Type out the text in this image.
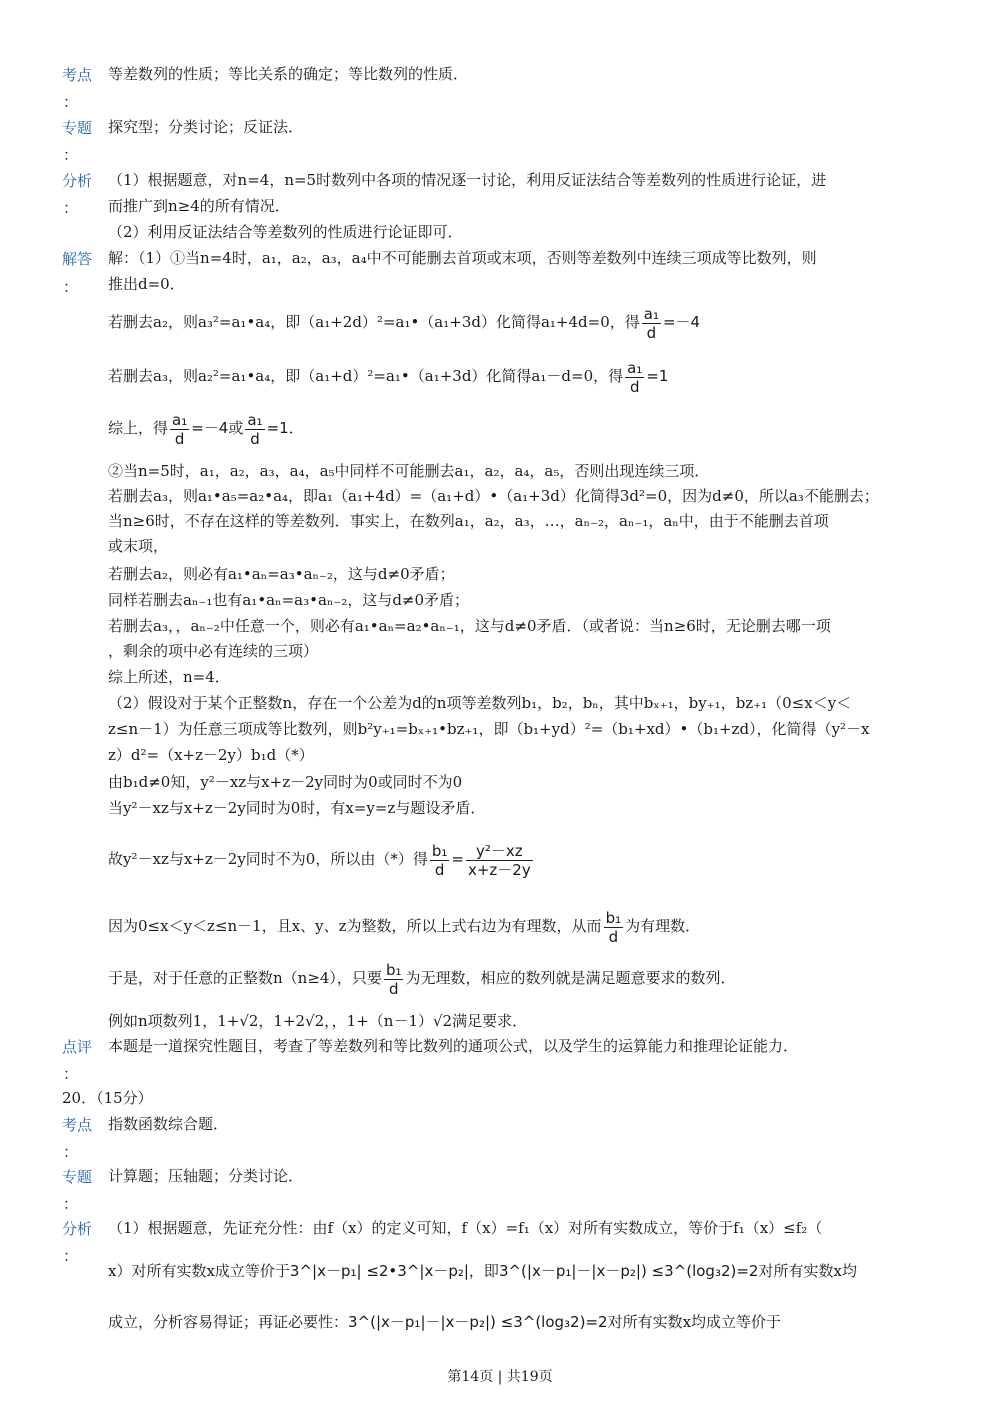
考点 等差数列的性质；等比关系的确定；等比数列的性质．
：
专题 探究型；分类讨论；反证法．
：
分析 （1）根据题意，对n=4，n=5时数列中各项的情况逐一讨论，利用反证法结合等差数列的性质进行论证，进
： 而推广到n≥4的所有情况．
（2）利用反证法结合等差数列的性质进行论证即可．
解答 解：（1）①当n=4时，a₁，a₂，a₃，a₄中不可能删去首项或末项，否则等差数列中连续三项成等比数列，则
： 推出d=0．
若删去a₂，则a₃²=a₁•a₄，即（a₁+2d）²=a₁•（a₁+3d）化简得a₁+4d=0，得 $\frac{\text{a₁}}{d} =-4$
若删去a₃，则a₂²=a₁•a₄，即（a₁+d）²=a₁•（a₁+3d）化简得a₁－d=0，得 $\frac{\text{a₁}}{d} =1$
综上，得 $\frac{\text{a₁}}{d} =-4$或 $\frac{\text{a₁}}{d} =1$．
②当n=5时，a₁，a₂，a₃，a₄，a₅中同样不可能删去a₁，a₂，a₄，a₅，否则出现连续三项．
若删去a₃，则a₁•a₅=a₂•a₄，即a₁（a₁+4d）=（a₁+d）•（a₁+3d）化简得3d²=0，因为d≠0，所以a₃不能删去；
当n≥6时，不存在这样的等差数列．事实上，在数列a₁，a₂，a₃，…，aₙ₋₂，aₙ₋₁，aₙ中，由于不能删去首项
或末项，
若删去a₂，则必有a₁•aₙ=a₃•aₙ₋₂，这与d≠0矛盾；
同样若删去aₙ₋₁也有a₁•aₙ=a₃•aₙ₋₂，这与d≠0矛盾；
若删去a₃，，aₙ₋₂中任意一个，则必有a₁•aₙ=a₂•aₙ₋₁，这与d≠0矛盾．（或者说：当n≥6时，无论删去哪一项
，剩余的项中必有连续的三项）
综上所述，n=4．
（2）假设对于某个正整数n，存在一个公差为d的n项等差数列b₁，b₂，bₙ，其中bₓ₊₁，by₊₁，bz₊₁（0≤x＜y＜
z≤n－1）为任意三项成等比数列，则b²y₊₁=bₓ₊₁•bz₊₁，即（b₁+yd）²=（b₁+xd）•（b₁+zd），化简得（y²－x
z）d²=（x+z－2y）b₁d（*）
由b₁d≠0知，y²－xz与x+z－2y同时为0或同时不为0
当y²－xz与x+z－2y同时为0时，有x=y=z与题设矛盾．
故y²－xz与x+z－2y同时不为0，所以由（*）得 $\frac{\text{b₁}}{d} = \frac{\text{y²－xz}}{x+z-2y}$
因为0≤x＜y＜z≤n－1，且x、y、z为整数，所以上式右边为有理数，从而 $\frac{\text{b₁}}{d}$ 为有理数．
于是，对于任意的正整数n（n≥4），只要 $\frac{\text{b₁}}{d}$ 为无理数，相应的数列就是满足题意要求的数列．
例如n项数列1，1+√2，1+2√2，，1+（n－1）√2满足要求．
点评 本题是一道探究性题目，考查了等差数列和等比数列的通项公式，以及学生的运算能力和推理论证能力．
：
20．（15分）
考点 指数函数综合题．
：
专题 计算题；压轴题；分类讨论．
：
分析 （1）根据题意，先证充分性：由f（x）的定义可知，f（x）=f₁（x）对所有实数成立，等价于f₁（x）≤f₂（
：
x）对所有实数x成立等价于3^|x－p₁| ≤2•3^|x－p₂|，即3^(|x－p₁|－|x－p₂|) ≤3^(log₃2)=2对所有实数x均
成立，分析容易得证；再证必要性：3^(|x－p₁|－|x－p₂|) ≤3^(log₃2)=2对所有实数x均成立等价于
第14页 | 共19页
